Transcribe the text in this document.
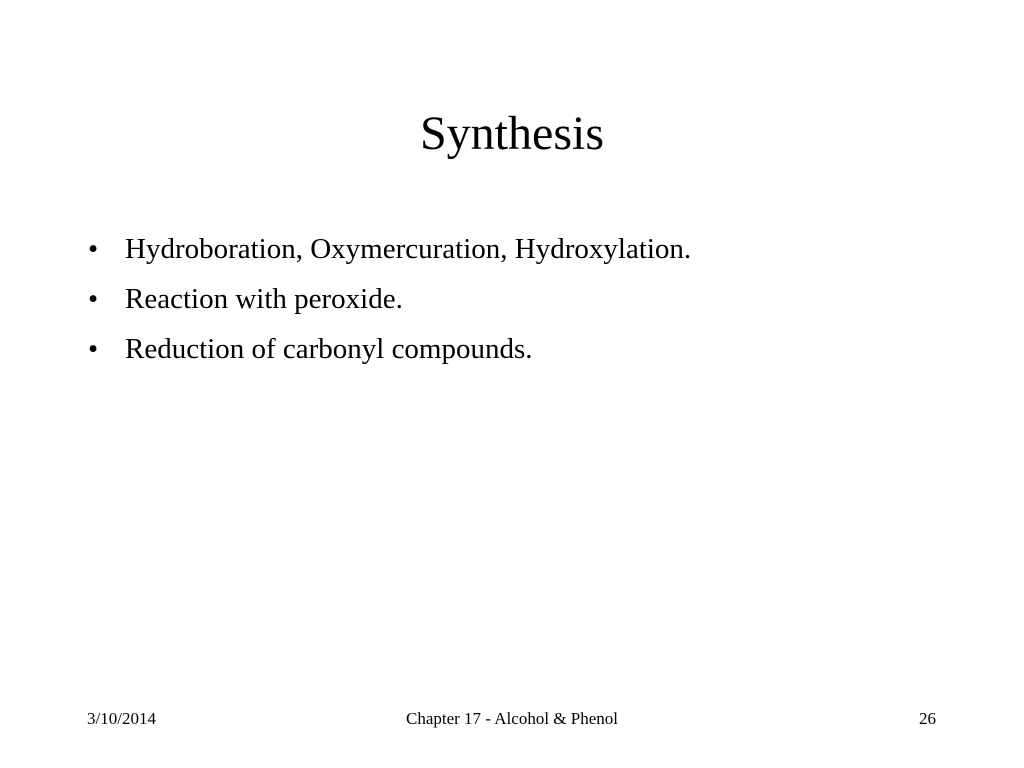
Synthesis
• Hydroboration, Oxymercuration, Hydroxylation.
• Reaction with peroxide.
• Reduction of carbonyl compounds.
3/10/2014	Chapter 17 - Alcohol & Phenol	26
